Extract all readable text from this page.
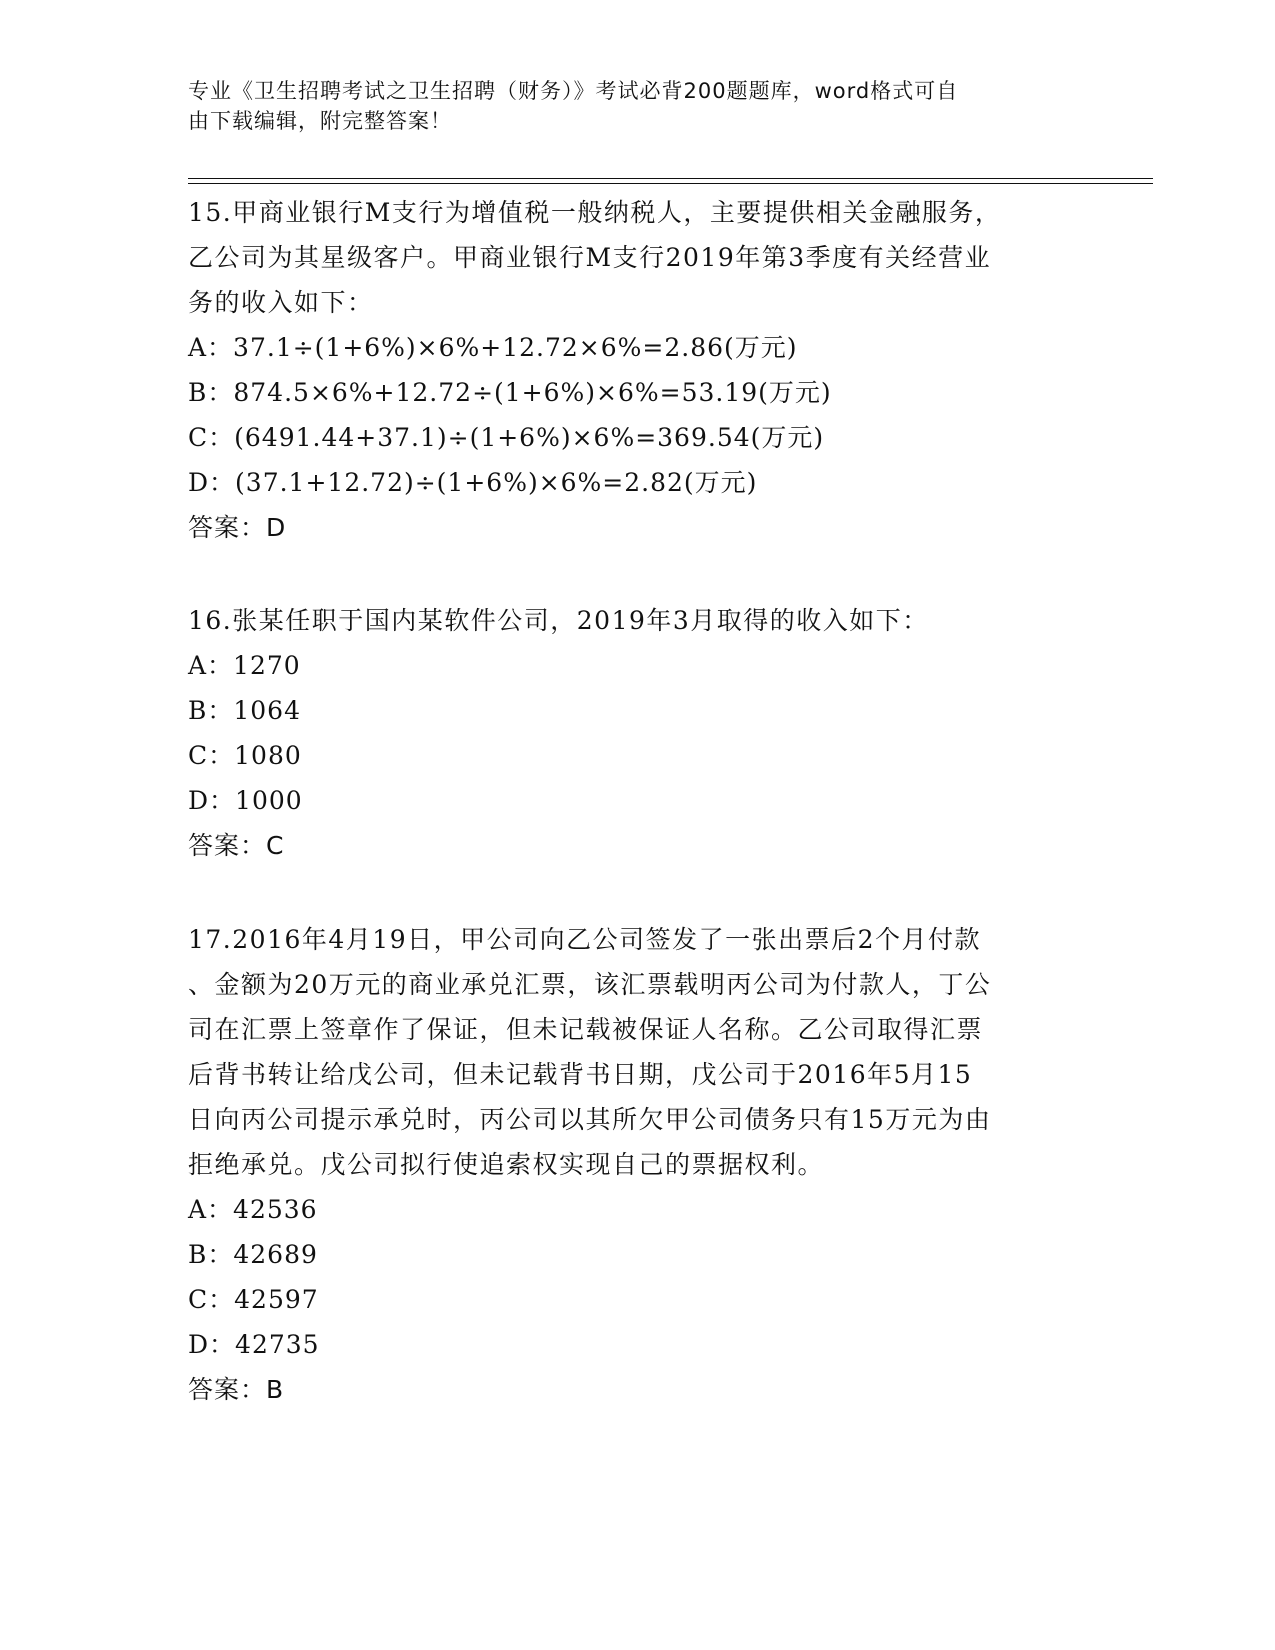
专业《卫生招聘考试之卫生招聘（财务）》考试必背200题题库，word格式可自
由下载编辑，附完整答案！
15.甲商业银行M支行为增值税一般纳税人，主要提供相关金融服务，
乙公司为其星级客户。甲商业银行M支行2019年第3季度有关经营业
务的收入如下：
A：37.1÷(1+6%)×6%+12.72×6%=2.86(万元)
B：874.5×6%+12.72÷(1+6%)×6%=53.19(万元)
C：(6491.44+37.1)÷(1+6%)×6%=369.54(万元)
D：(37.1+12.72)÷(1+6%)×6%=2.82(万元)
答案：D
16.张某任职于国内某软件公司，2019年3月取得的收入如下：
A：1270
B：1064
C：1080
D：1000
答案：C
17.2016年4月19日，甲公司向乙公司签发了一张出票后2个月付款
、金额为20万元的商业承兑汇票，该汇票载明丙公司为付款人，丁公
司在汇票上签章作了保证，但未记载被保证人名称。乙公司取得汇票
后背书转让给戊公司，但未记载背书日期，戊公司于2016年5月15
日向丙公司提示承兑时，丙公司以其所欠甲公司债务只有15万元为由
拒绝承兑。戊公司拟行使追索权实现自己的票据权利。
A：42536
B：42689
C：42597
D：42735
答案：B
